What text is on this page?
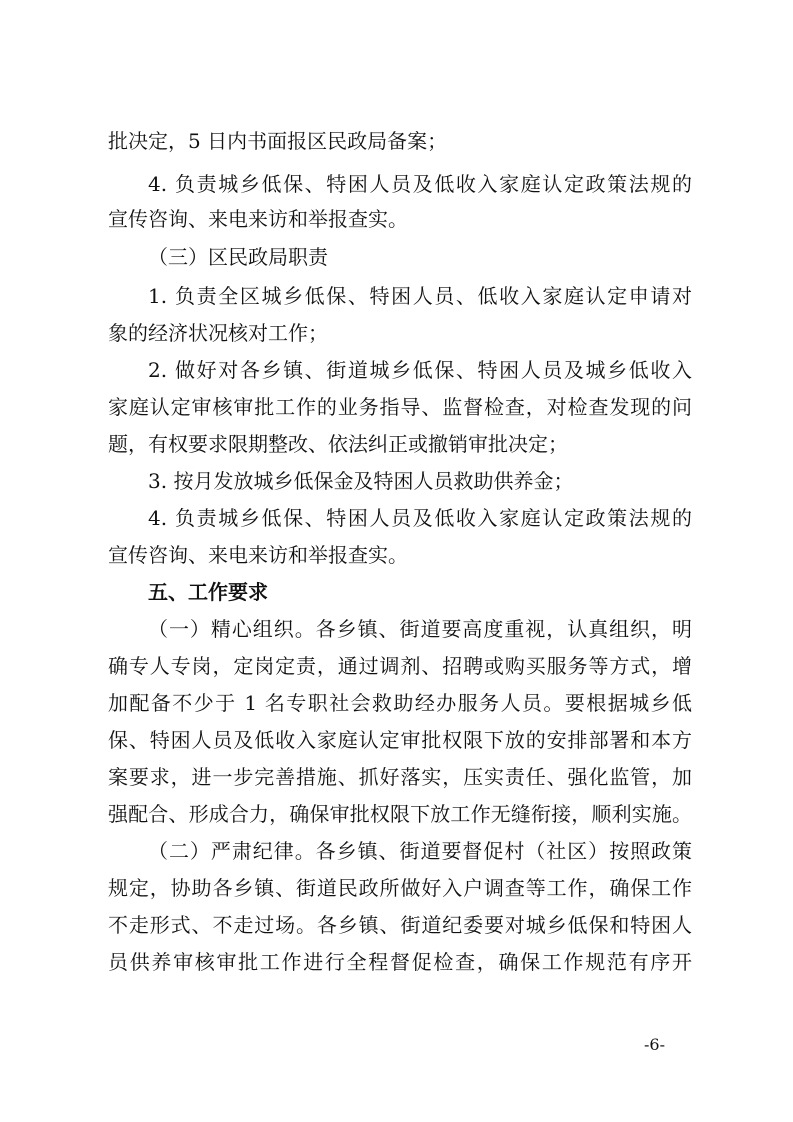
批决定，5 日内书面报区民政局备案；
4. 负责城乡低保、特困人员及低收入家庭认定政策法规的
宣传咨询、来电来访和举报查实。
（三）区民政局职责
1. 负责全区城乡低保、特困人员、低收入家庭认定申请对
象的经济状况核对工作；
2. 做好对各乡镇、街道城乡低保、特困人员及城乡低收入
家庭认定审核审批工作的业务指导、监督检查，对检查发现的问
题，有权要求限期整改、依法纠正或撤销审批决定；
3. 按月发放城乡低保金及特困人员救助供养金；
4. 负责城乡低保、特困人员及低收入家庭认定政策法规的
宣传咨询、来电来访和举报查实。
五、工作要求
（一）精心组织。各乡镇、街道要高度重视，认真组织，明
确专人专岗，定岗定责，通过调剂、招聘或购买服务等方式，增
加配备不少于 1 名专职社会救助经办服务人员。要根据城乡低
保、特困人员及低收入家庭认定审批权限下放的安排部署和本方
案要求，进一步完善措施、抓好落实，压实责任、强化监管，加
强配合、形成合力，确保审批权限下放工作无缝衔接，顺利实施。
（二）严肃纪律。各乡镇、街道要督促村（社区）按照政策
规定，协助各乡镇、街道民政所做好入户调查等工作，确保工作
不走形式、不走过场。各乡镇、街道纪委要对城乡低保和特困人
员供养审核审批工作进行全程督促检查，确保工作规范有序开
-6-
